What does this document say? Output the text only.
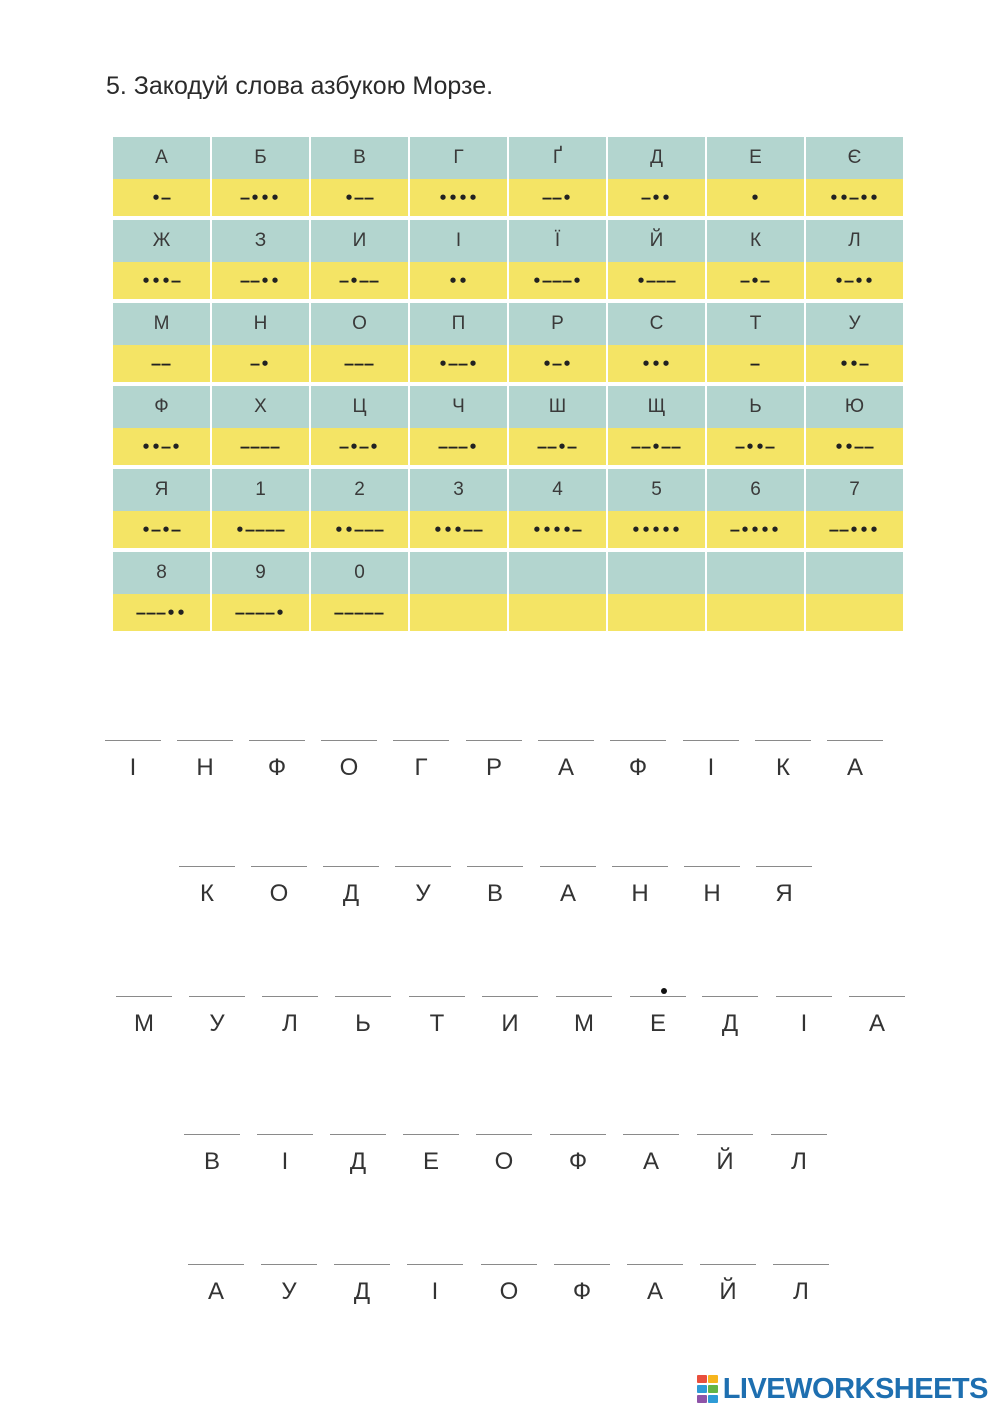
5. Закодуй слова азбукою Морзе.
А	Б	В	Г	Ґ	Д	Е	Є
•–	–•••	•––	••••	––•	–••	•	••–••
Ж	З	И	І	Ї	Й	К	Л
•••–	––••	–•––	••	•–––•	•–––	–•–	•–••
М	Н	О	П	Р	С	Т	У
––	–•	–––	•––•	•–•	•••	–	••–
Ф	Х	Ц	Ч	Ш	Щ	Ь	Ю
••–•	––––	–•–•	–––•	––•–	––•––	–••–	••––
Я	1	2	3	4	5	6	7
•–•–	•––––	••–––	•••––	••••–	•••••	–••••	––•••
8	9	0					
–––••	––––•	–––––					
І	Н	Ф	О	Г	Р	А	Ф	І	К	А
К	О	Д	У	В	А	Н	Н	Я
М	У	Л	Ь	Т	И	М	Е	Д	І	А
В	І	Д	Е	О	Ф	А	Й	Л
А	У	Д	І	О	Ф	А	Й	Л
LIVEWORKSHEETS
